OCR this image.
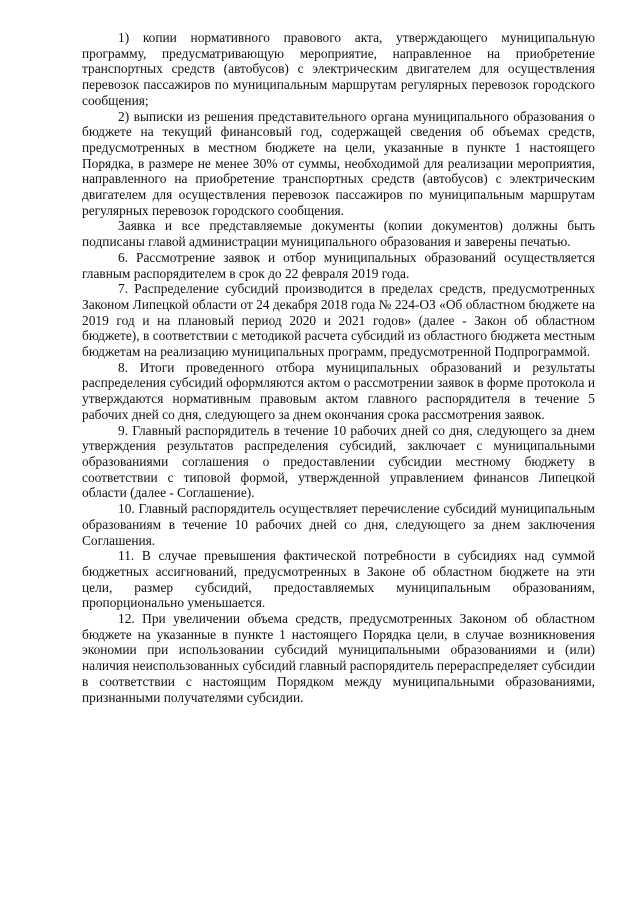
1) копии нормативного правового акта, утверждающего муниципальную программу, предусматривающую мероприятие, направленное на приобретение транспортных средств (автобусов) с электрическим двигателем для осуществления перевозок пассажиров по муниципальным маршрутам регулярных перевозок городского сообщения;

2) выписки из решения представительного органа муниципального образования о бюджете на текущий финансовый год, содержащей сведения об объемах средств, предусмотренных в местном бюджете на цели, указанные в пункте 1 настоящего Порядка, в размере не менее 30% от суммы, необходимой для реализации мероприятия, направленного на приобретение транспортных средств (автобусов) с электрическим двигателем для осуществления перевозок пассажиров по муниципальным маршрутам регулярных перевозок городского сообщения.

Заявка и все представляемые документы (копии документов) должны быть подписаны главой администрации муниципального образования и заверены печатью.

6. Рассмотрение заявок и отбор муниципальных образований осуществляется главным распорядителем в срок до 22 февраля 2019 года.

7. Распределение субсидий производится в пределах средств, предусмотренных Законом Липецкой области от 24 декабря 2018 года № 224-ОЗ «Об областном бюджете на 2019 год и на плановый период 2020 и 2021 годов» (далее - Закон об областном бюджете), в соответствии с методикой расчета субсидий из областного бюджета местным бюджетам на реализацию муниципальных программ, предусмотренной Подпрограммой.

8. Итоги проведенного отбора муниципальных образований и результаты распределения субсидий оформляются актом о рассмотрении заявок в форме протокола и утверждаются нормативным правовым актом главного распорядителя в течение 5 рабочих дней со дня, следующего за днем окончания срока рассмотрения заявок.

9. Главный распорядитель в течение 10 рабочих дней со дня, следующего за днем утверждения результатов распределения субсидий, заключает с муниципальными образованиями соглашения о предоставлении субсидии местному бюджету в соответствии с типовой формой, утвержденной управлением финансов Липецкой области (далее - Соглашение).

10. Главный распорядитель осуществляет перечисление субсидий муниципальным образованиям в течение 10 рабочих дней со дня, следующего за днем заключения Соглашения.

11. В случае превышения фактической потребности в субсидиях над суммой бюджетных ассигнований, предусмотренных в Законе об областном бюджете на эти цели, размер субсидий, предоставляемых муниципальным образованиям, пропорционально уменьшается.

12. При увеличении объема средств, предусмотренных Законом об областном бюджете на указанные в пункте 1 настоящего Порядка цели, в случае возникновения экономии при использовании субсидий муниципальными образованиями и (или) наличия неиспользованных субсидий главный распорядитель перераспределяет субсидии в соответствии с настоящим Порядком между муниципальными образованиями, признанными получателями субсидии.
